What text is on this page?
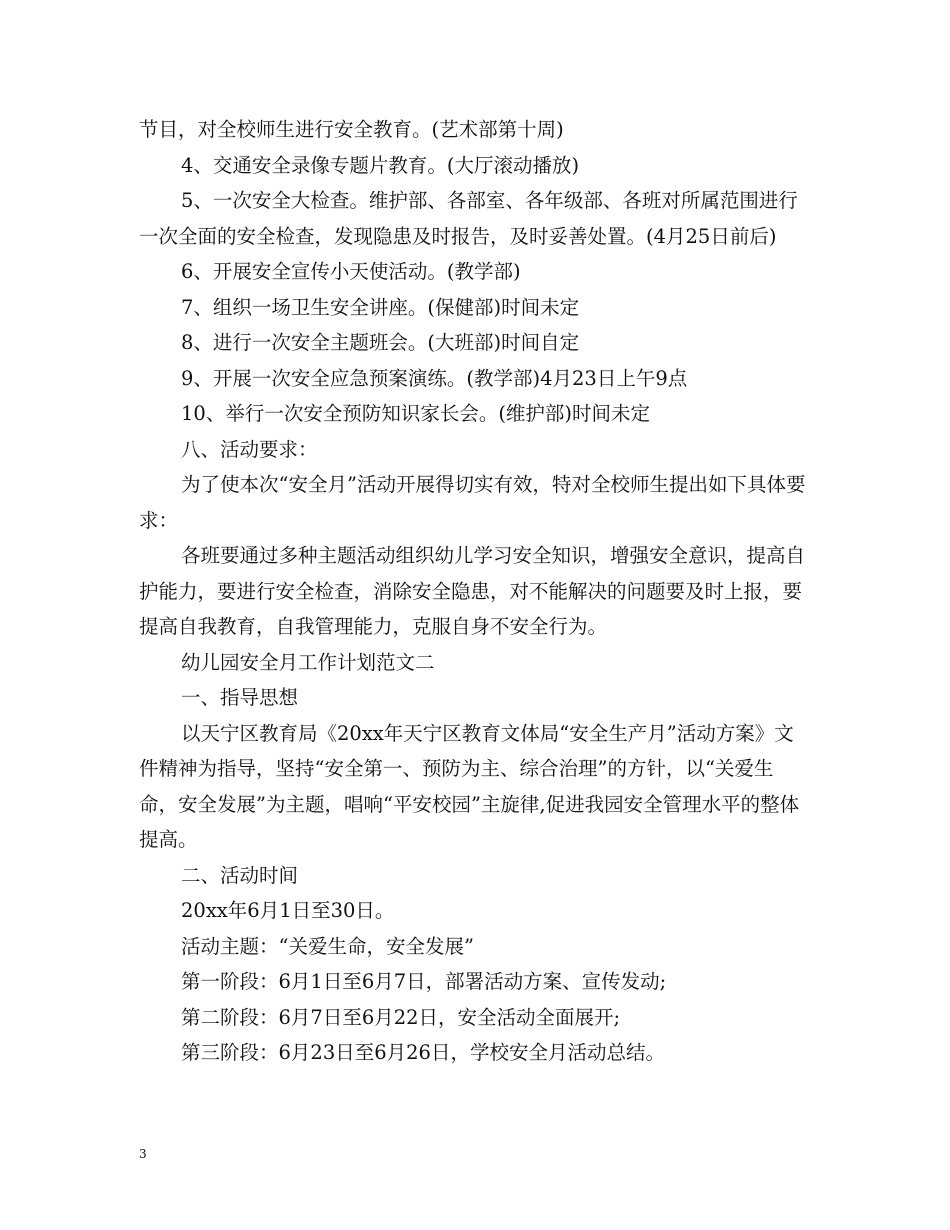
节目，对全校师生进行安全教育。(艺术部第十周)

4、交通安全录像专题片教育。(大厅滚动播放)

5、一次安全大检查。维护部、各部室、各年级部、各班对所属范围进行一次全面的安全检查，发现隐患及时报告，及时妥善处置。(4月25日前后)

6、开展安全宣传小天使活动。(教学部)

7、组织一场卫生安全讲座。(保健部)时间未定

8、进行一次安全主题班会。(大班部)时间自定

9、开展一次安全应急预案演练。(教学部)4月23日上午9点

10、举行一次安全预防知识家长会。(维护部)时间未定

八、活动要求：

为了使本次“安全月”活动开展得切实有效，特对全校师生提出如下具体要求：

各班要通过多种主题活动组织幼儿学习安全知识，增强安全意识，提高自护能力，要进行安全检查，消除安全隐患，对不能解决的问题要及时上报，要提高自我教育，自我管理能力，克服自身不安全行为。

幼儿园安全月工作计划范文二

一、指导思想

以天宁区教育局《20xx年天宁区教育文体局“安全生产月”活动方案》文件精神为指导，坚持“安全第一、预防为主、综合治理”的方针，以“关爱生命，安全发展”为主题，唱响“平安校园”主旋律,促进我园安全管理水平的整体提高。

二、活动时间

20xx年6月1日至30日。

活动主题：“关爱生命，安全发展”

第一阶段：6月1日至6月7日，部署活动方案、宣传发动;

第二阶段：6月7日至6月22日，安全活动全面展开;

第三阶段：6月23日至6月26日，学校安全月活动总结。

3
